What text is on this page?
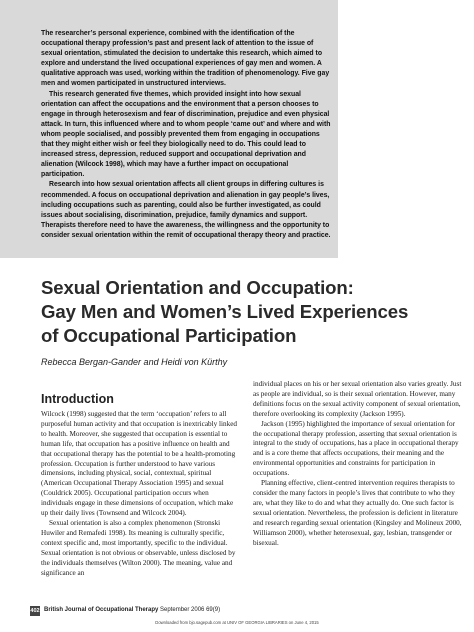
The researcher’s personal experience, combined with the identification of the occupational therapy profession’s past and present lack of attention to the issue of sexual orientation, stimulated the decision to undertake this research, which aimed to explore and understand the lived occupational experiences of gay men and women. A qualitative approach was used, working within the tradition of phenomenology. Five gay men and women participated in unstructured interviews.

This research generated five themes, which provided insight into how sexual orientation can affect the occupations and the environment that a person chooses to engage in through heterosexism and fear of discrimination, prejudice and even physical attack. In turn, this influenced where and to whom people ‘came out’ and where and with whom people socialised, and possibly prevented them from engaging in occupations that they might either wish or feel they biologically need to do. This could lead to increased stress, depression, reduced support and occupational deprivation and alienation (Wilcock 1998), which may have a further impact on occupational participation.

Research into how sexual orientation affects all client groups in differing cultures is recommended. A focus on occupational deprivation and alienation in gay people’s lives, including occupations such as parenting, could also be further investigated, as could issues about socialising, discrimination, prejudice, family dynamics and support. Therapists therefore need to have the awareness, the willingness and the opportunity to consider sexual orientation within the remit of occupational therapy theory and practice.

Sexual Orientation and Occupation:
Gay Men and Women’s Lived Experiences
of Occupational Participation

Rebecca Bergan-Gander and Heidi von Kürthy

Introduction

Wilcock (1998) suggested that the term ‘occupation’ refers to all purposeful human activity and that occupation is inextricably linked to health. Moreover, she suggested that occupation is essential to human life, that occupation has a positive influence on health and that occupational therapy has the potential to be a health-promoting profession. Occupation is further understood to have various dimensions, including physical, social, contextual, spiritual (American Occupational Therapy Association 1995) and sexual (Couldrick 2005). Occupational participation occurs when individuals engage in these dimensions of occupation, which make up their daily lives (Townsend and Wilcock 2004).

Sexual orientation is also a complex phenomenon (Stronski Huwiler and Remafedi 1998). Its meaning is culturally specific, context specific and, most importantly, specific to the individual. Sexual orientation is not obvious or observable, unless disclosed by the individuals themselves (Wilton 2000). The meaning, value and significance an

individual places on his or her sexual orientation also varies greatly. Just as people are individual, so is their sexual orientation. However, many definitions focus on the sexual activity component of sexual orientation, therefore overlooking its complexity (Jackson 1995).

Jackson (1995) highlighted the importance of sexual orientation for the occupational therapy profession, asserting that sexual orientation is integral to the study of occupations, has a place in occupational therapy and is a core theme that affects occupations, their meaning and the environmental opportunities and constraints for participation in occupations.

Planning effective, client-centred intervention requires therapists to consider the many factors in people’s lives that contribute to who they are, what they like to do and what they actually do. One such factor is sexual orientation. Nevertheless, the profession is deficient in literature and research regarding sexual orientation (Kingsley and Molineux 2000, Williamson 2000), whether heterosexual, gay, lesbian, transgender or bisexual.

402 British Journal of Occupational Therapy September 2006 69(9)
Downloaded from bjo.sagepub.com at UNIV OF GEORGIA LIBRARIES on June 4, 2015
